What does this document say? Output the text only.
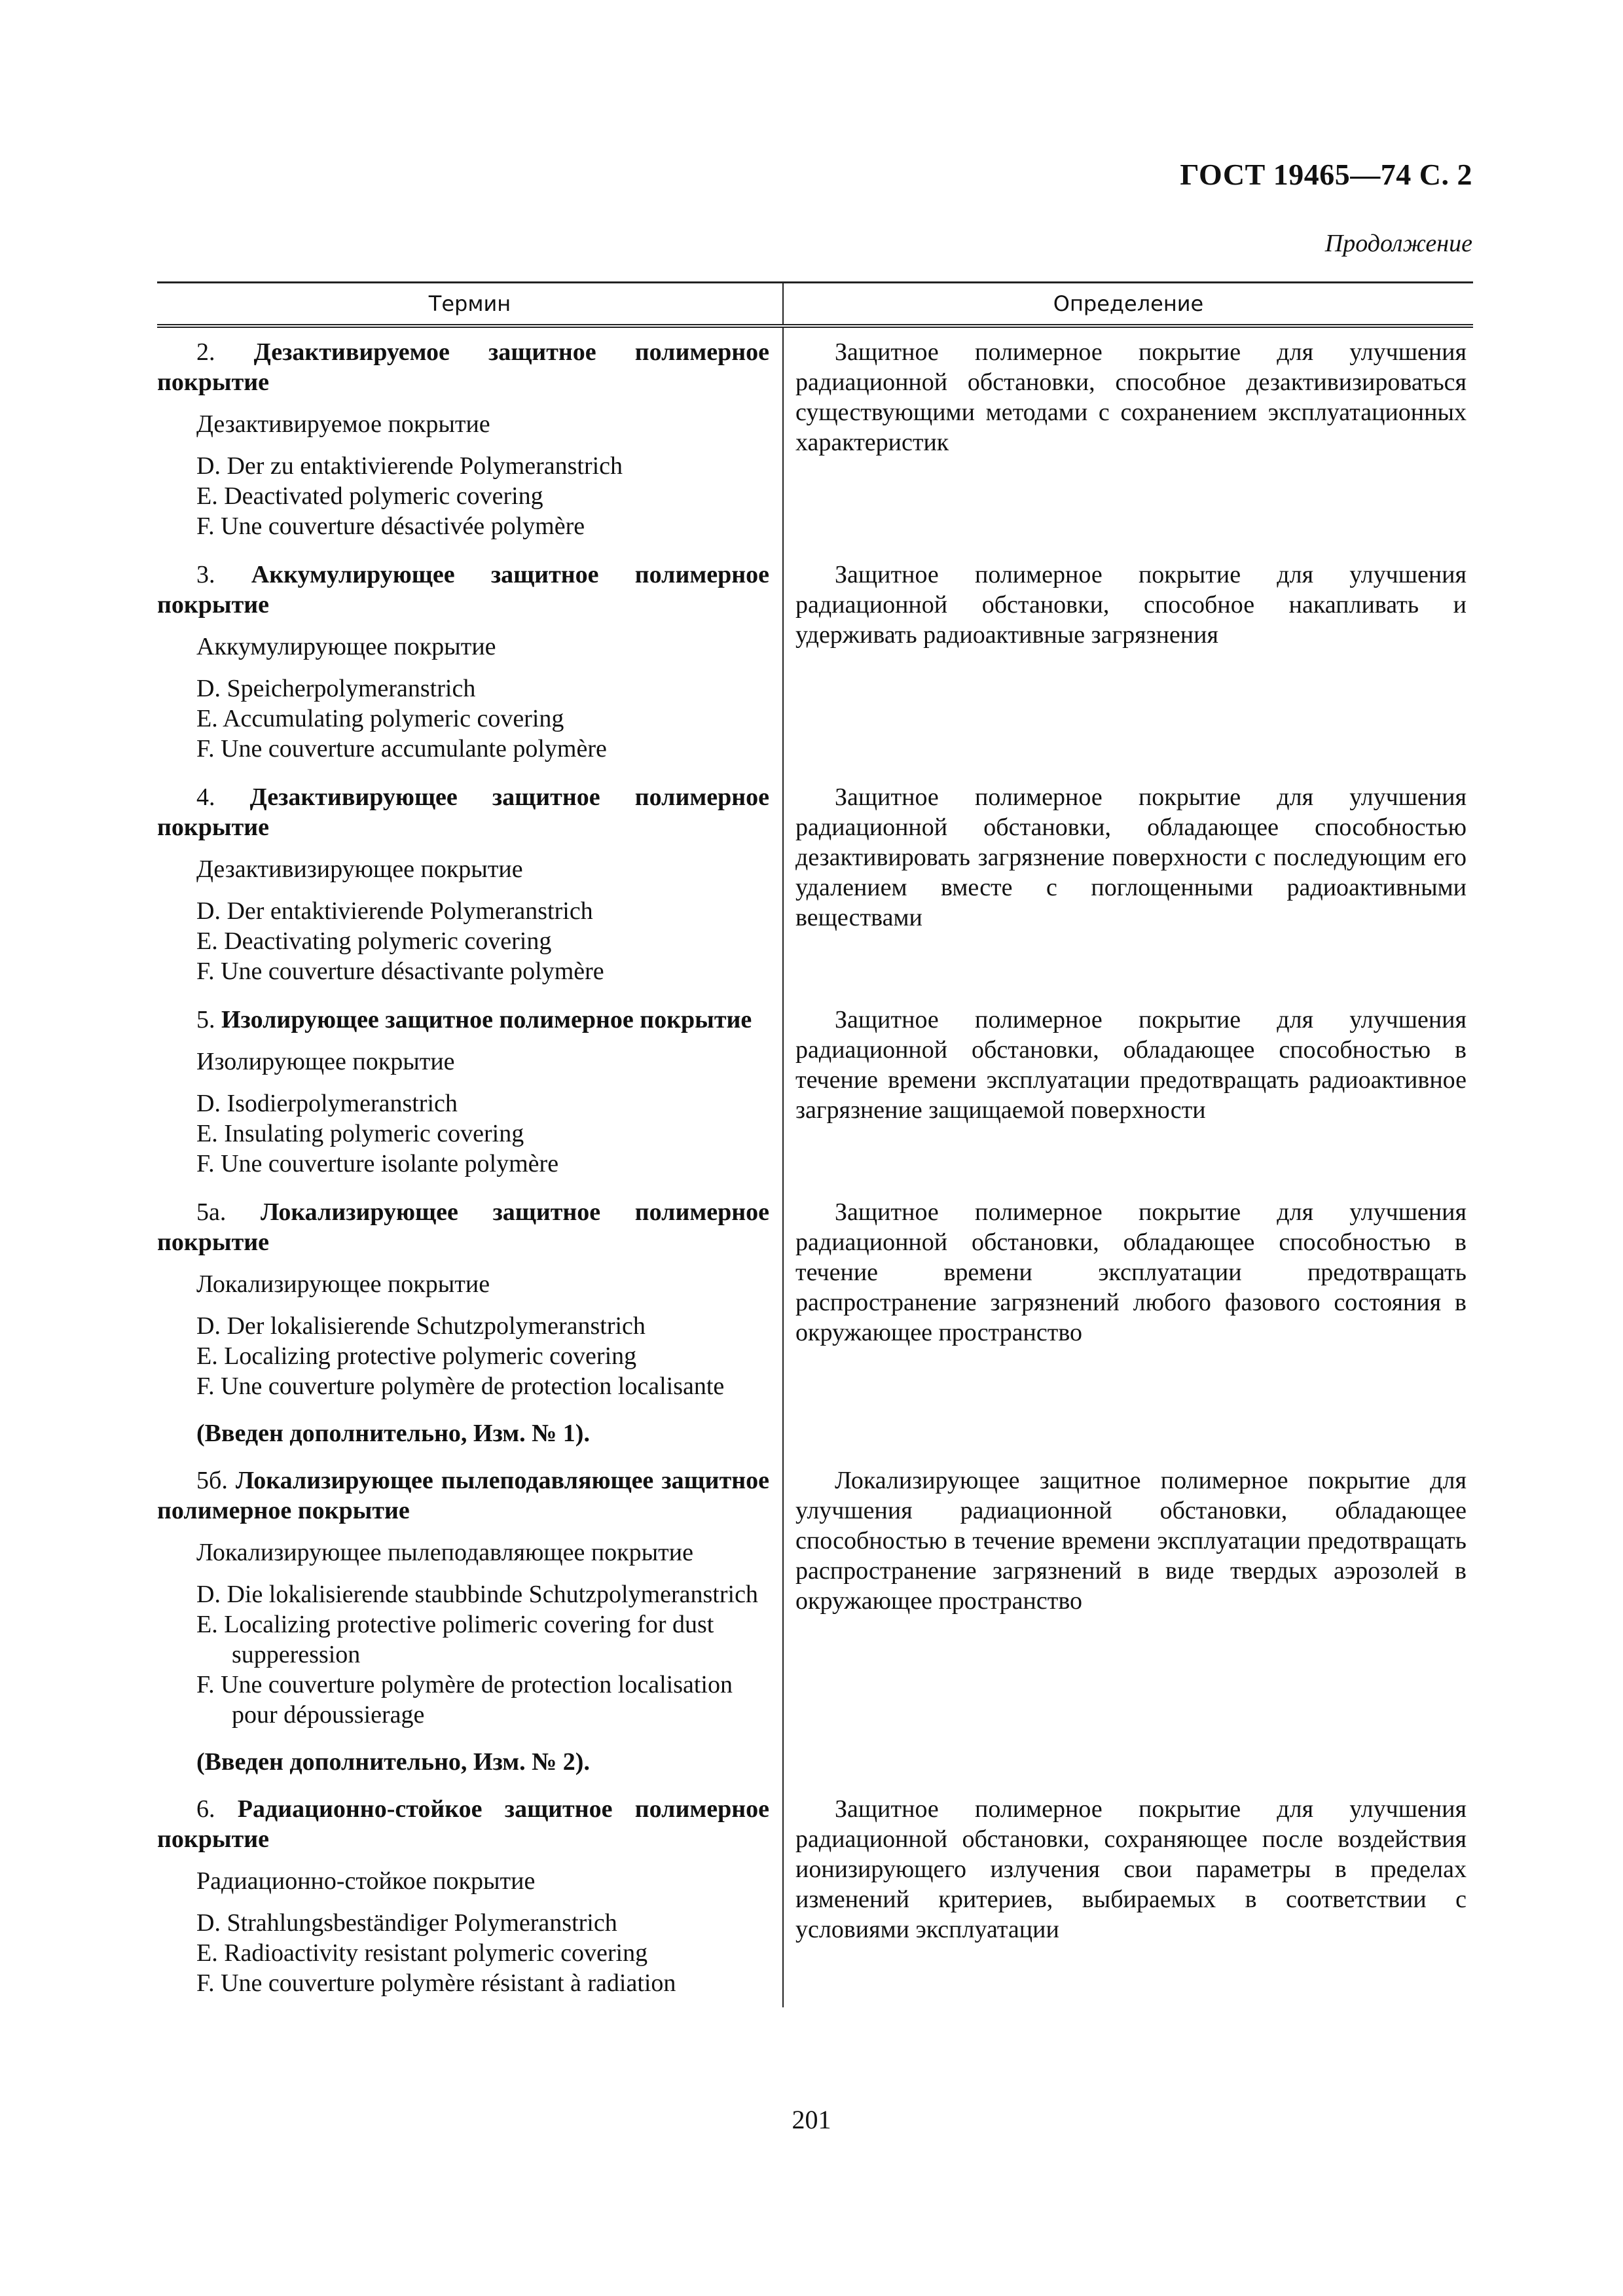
ГОСТ 19465—74 С. 2
Продолжение
Термин	Определение
2. Дезактивируемое защитное полимерное покрытие
Дезактивируемое покрытие
D. Der zu entaktivierende Polymeranstrich
E. Deactivated polymeric covering
F. Une couverture désactivée polymère
Защитное полимерное покрытие для улучшения радиационной обстановки, способное дезактивизироваться существующими методами с сохранением эксплуатационных характеристик
3. Аккумулирующее защитное полимерное покрытие
Аккумулирующее покрытие
D. Speicherpolymeranstrich
E. Accumulating polymeric covering
F. Une couverture accumulante polymère
Защитное полимерное покрытие для улучшения радиационной обстановки, способное накапливать и удерживать радиоактивные загрязнения
4. Дезактивирующее защитное полимерное покрытие
Дезактивизирующее покрытие
D. Der entaktivierende Polymeranstrich
E. Deactivating polymeric covering
F. Une couverture désactivante polymère
Защитное полимерное покрытие для улучшения радиационной обстановки, обладающее способностью дезактивировать загрязнение поверхности с последующим его удалением вместе с поглощенными радиоактивными веществами
5. Изолирующее защитное полимерное покрытие
Изолирующее покрытие
D. Isodierpolymeranstrich
E. Insulating polymeric covering
F. Une couverture isolante polymère
Защитное полимерное покрытие для улучшения радиационной обстановки, обладающее способностью в течение времени эксплуатации предотвращать радиоактивное загрязнение защищаемой поверхности
5а. Локализирующее защитное полимерное покрытие
Локализирующее покрытие
D. Der lokalisierende Schutzpolymeranstrich
E. Localizing protective polymeric covering
F. Une couverture polymère de protection localisante
Защитное полимерное покрытие для улучшения радиационной обстановки, обладающее способностью в течение времени эксплуатации предотвращать распространение загрязнений любого фазового состояния в окружающее пространство
(Введен дополнительно, Изм. № 1).
5б. Локализирующее пылеподавляющее защитное полимерное покрытие
Локализирующее пылеподавляющее покрытие
D. Die lokalisierende staubbinde Schutzpolymeranstrich
E. Localizing protective polimeric covering for dust supperession
F. Une couverture polymère de protection localisation pour dépoussierage
Локализирующее защитное полимерное покрытие для улучшения радиационной обстановки, обладающее способностью в течение времени эксплуатации предотвращать распространение загрязнений в виде твердых аэрозолей в окружающее пространство
(Введен дополнительно, Изм. № 2).
6. Радиационно-стойкое защитное полимерное покрытие
Радиационно-стойкое покрытие
D. Strahlungsbeständiger Polymeranstrich
E. Radioactivity resistant polymeric covering
F. Une couverture polymère résistant à radiation
Защитное полимерное покрытие для улучшения радиационной обстановки, сохраняющее после воздействия ионизирующего излучения свои параметры в пределах изменений критериев, выбираемых в соответствии с условиями эксплуатации
201
